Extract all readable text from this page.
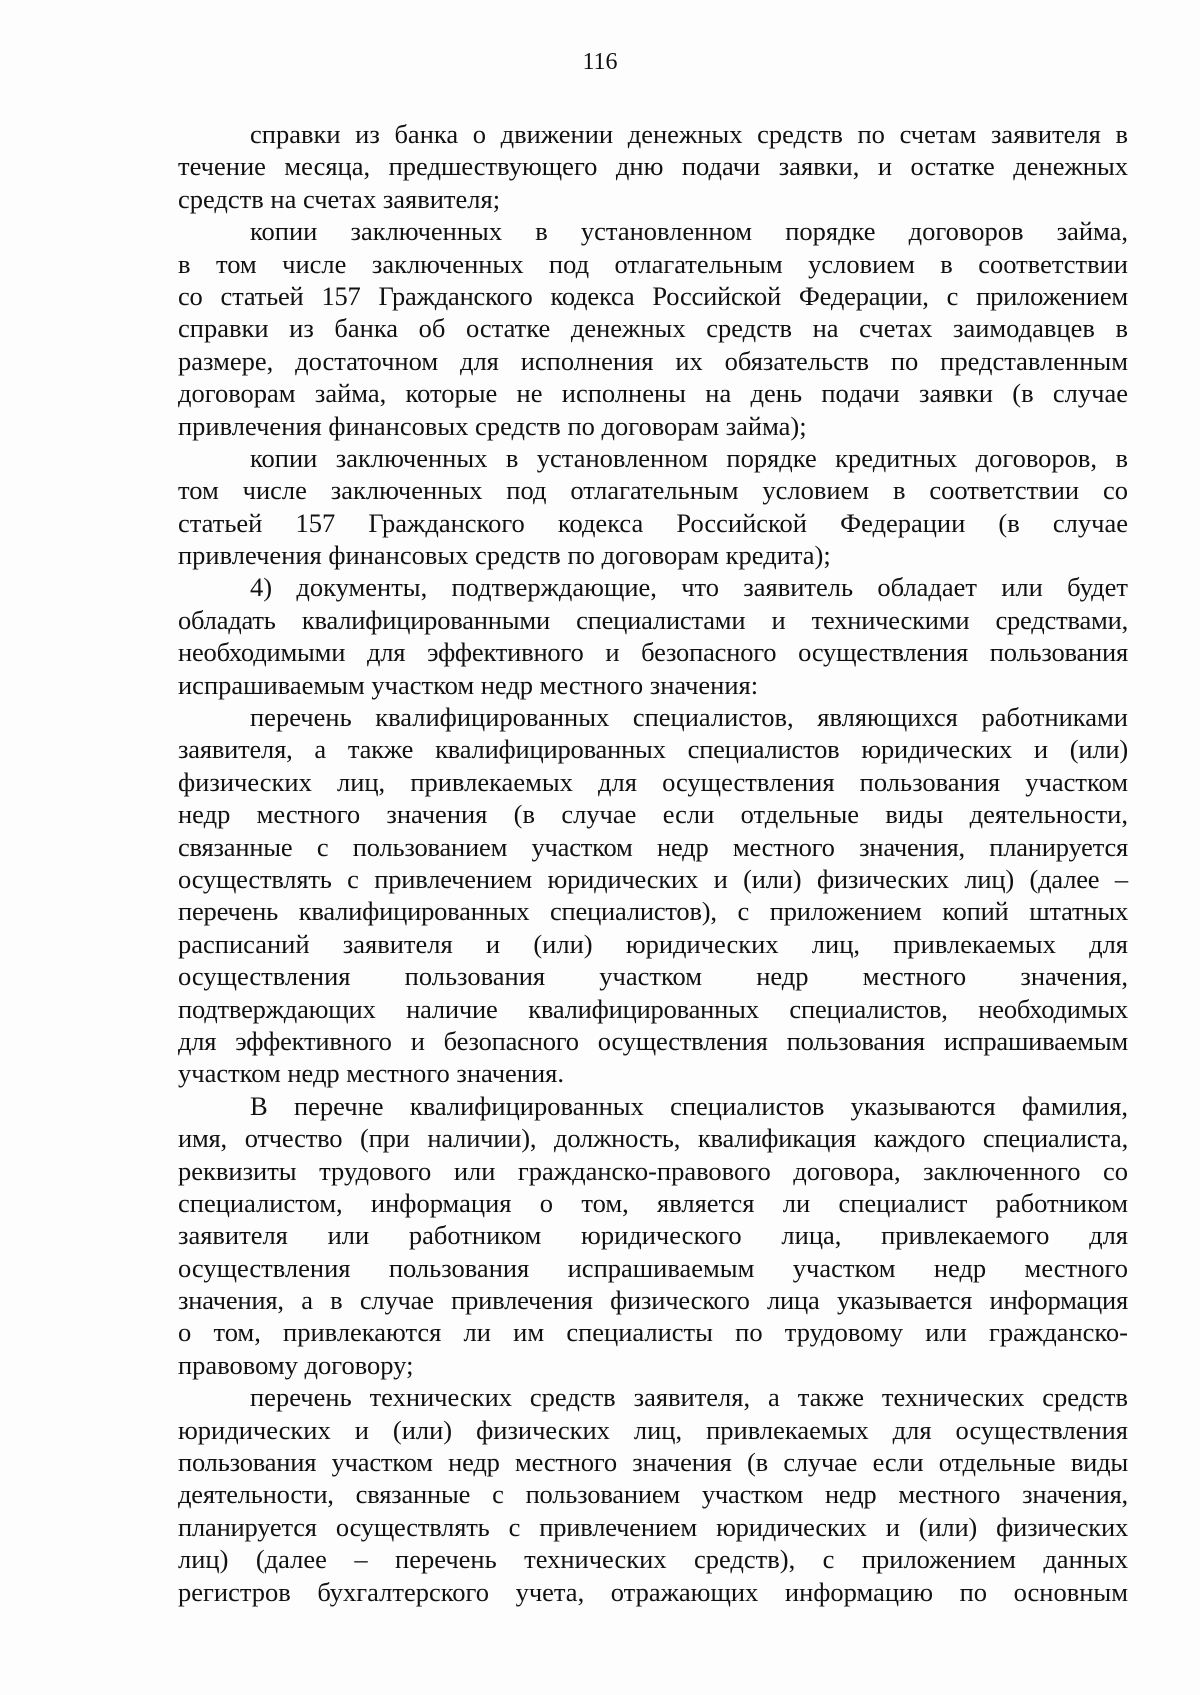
116
справки из банка о движении денежных средств по счетам заявителя в
течение месяца, предшествующего дню подачи заявки, и остатке денежных
средств на счетах заявителя;
копии заключенных в установленном порядке договоров займа,
в том числе заключенных под отлагательным условием в соответствии
со статьей 157 Гражданского кодекса Российской Федерации, с приложением
справки из банка об остатке денежных средств на счетах заимодавцев в
размере, достаточном для исполнения их обязательств по представленным
договорам займа, которые не исполнены на день подачи заявки (в случае
привлечения финансовых средств по договорам займа);
копии заключенных в установленном порядке кредитных договоров, в
том числе заключенных под отлагательным условием в соответствии со
статьей 157 Гражданского кодекса Российской Федерации (в случае
привлечения финансовых средств по договорам кредита);
4) документы, подтверждающие, что заявитель обладает или будет
обладать квалифицированными специалистами и техническими средствами,
необходимыми для эффективного и безопасного осуществления пользования
испрашиваемым участком недр местного значения:
перечень квалифицированных специалистов, являющихся работниками
заявителя, а также квалифицированных специалистов юридических и (или)
физических лиц, привлекаемых для осуществления пользования участком
недр местного значения (в случае если отдельные виды деятельности,
связанные с пользованием участком недр местного значения, планируется
осуществлять с привлечением юридических и (или) физических лиц) (далее –
перечень квалифицированных специалистов), с приложением копий штатных
расписаний заявителя и (или) юридических лиц, привлекаемых для
осуществления пользования участком недр местного значения,
подтверждающих наличие квалифицированных специалистов, необходимых
для эффективного и безопасного осуществления пользования испрашиваемым
участком недр местного значения.
В перечне квалифицированных специалистов указываются фамилия,
имя, отчество (при наличии), должность, квалификация каждого специалиста,
реквизиты трудового или гражданско-правового договора, заключенного со
специалистом, информация о том, является ли специалист работником
заявителя или работником юридического лица, привлекаемого для
осуществления пользования испрашиваемым участком недр местного
значения, а в случае привлечения физического лица указывается информация
о том, привлекаются ли им специалисты по трудовому или гражданско-
правовому договору;
перечень технических средств заявителя, а также технических средств
юридических и (или) физических лиц, привлекаемых для осуществления
пользования участком недр местного значения (в случае если отдельные виды
деятельности, связанные с пользованием участком недр местного значения,
планируется осуществлять с привлечением юридических и (или) физических
лиц) (далее – перечень технических средств), с приложением данных
регистров бухгалтерского учета, отражающих информацию по основным
